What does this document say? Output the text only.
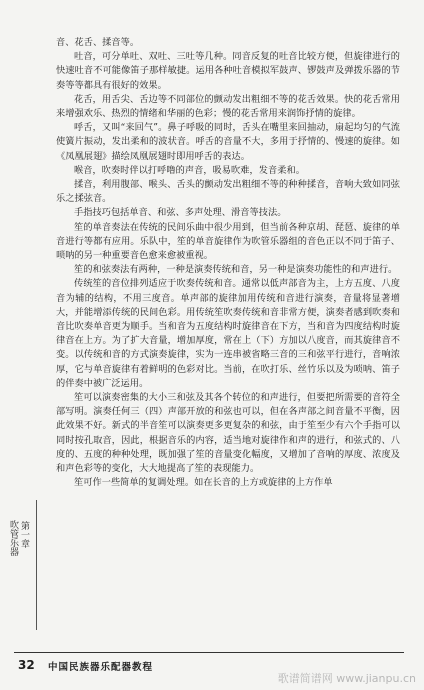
音、花舌、揉音等。

吐音，可分单吐、双吐、三吐等几种。同音反复的吐音比较方便，但旋律进行的快速吐音不可能像笛子那样敏捷。运用各种吐音模拟军鼓声、锣鼓声及弹拨乐器的节奏等等都具有很好的效果。

花舌，用舌尖、舌边等不同部位的颤动发出粗细不等的花舌效果。快的花舌常用来增强欢乐、热烈的情绪和华丽的色彩；慢的花舌常用来润饰抒情的旋律。

呼舌，又叫“来回气”。鼻子呼吸的同时，舌头在嘴里来回抽动，扇起均匀的气流使簧片振动，发出柔和的波状音。呼舌的音量不大，多用于抒情的、慢速的旋律。如《凤凰展翅》描绘凤凰展翅时即用呼舌的表达。

喉音，吹奏时伴以打呼噜的声音，吸易吹难，发音柔和。

揉音，利用腹部、喉头、舌头的颤动发出粗细不等的种种揉音，音响大致如同弦乐之揉弦音。

手指技巧包括单音、和弦、多声处理、滑音等技法。

笙的单音奏法在传统的民间乐曲中很少用到，但当前各种京胡、琵琶、旋律的单音进行等都有应用。乐队中，笙的单音旋律作为吹管乐器组的音色正以不同于笛子、唢呐的另一种重要音色愈来愈被重视。

笙的和弦奏法有两种，一种是演奏传统和音，另一种是演奏功能性的和声进行。

传统笙的音位排列适应于吹奏传统和音。通常以低声部音为主，上方五度、八度音为辅的结构，不用三度音。单声部的旋律加用传统和音进行演奏，音量将显著增大，并能增添传统的民间色彩。用传统笙吹奏传统和音非常方便，演奏者感到吹奏和音比吹奏单音更为顺手。当和音为五度结构时旋律音在下方，当和音为四度结构时旋律音在上方。为了扩大音量，增加厚度，常在上（下）方加以八度音，而其旋律音不变。以传统和音的方式演奏旋律，实为一连串被省略三音的三和弦平行进行，音响浓厚，它与单音旋律有着鲜明的色彩对比。当前，在吹打乐、丝竹乐以及为唢呐、笛子的伴奏中被广泛运用。

笙可以演奏密集的大小三和弦及其各个转位的和声进行，但要把所需要的音符全部写明。演奏任何三（四）声部开放的和弦也可以，但在各声部之间音量不平衡，因此效果不好。新式的半音笙可以演奏更多更复杂的和弦，由于笙至少有六个手指可以同时按孔取音，因此，根据音乐的内容，适当地对旋律作和声的进行，和弦式的、八度的、五度的种种处理，既加强了笙的音量变化幅度，又增加了音响的厚度、浓度及和声色彩等的变化，大大地提高了笙的表现能力。

笙可作一些简单的复调处理。如在长音的上方或旋律的上方作单

第一章
吹管乐器
32 中国民族器乐配器教程
歌谱简谱网 www.jianpu.cn
